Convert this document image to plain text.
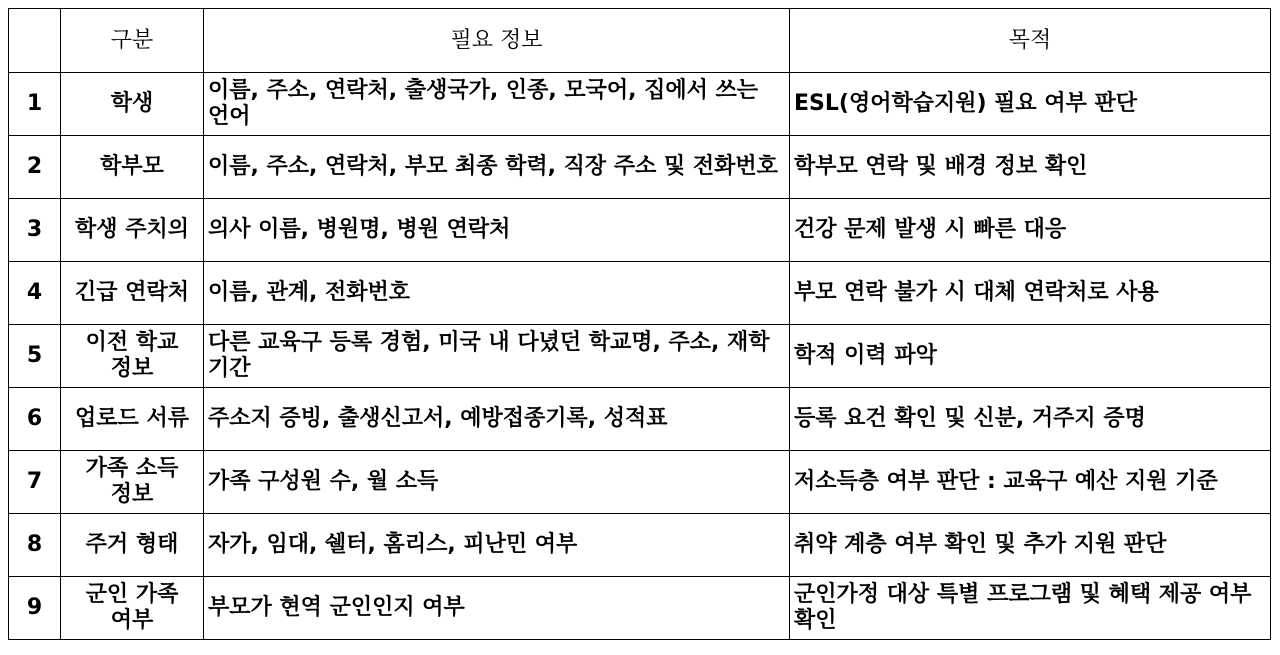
	구분	필요 정보	목적
1	학생	이름, 주소, 연락처, 출생국가, 인종, 모국어, 집에서 쓰는 언어	ESL(영어학습지원) 필요 여부 판단
2	학부모	이름, 주소, 연락처, 부모 최종 학력, 직장 주소 및 전화번호	학부모 연락 및 배경 정보 확인
3	학생 주치의	의사 이름, 병원명, 병원 연락처	건강 문제 발생 시 빠른 대응
4	긴급 연락처	이름, 관계, 전화번호	부모 연락 불가 시 대체 연락처로 사용
5	이전 학교 정보	다른 교육구 등록 경험, 미국 내 다녔던 학교명, 주소, 재학 기간	학적 이력 파악
6	업로드 서류	주소지 증빙, 출생신고서, 예방접종기록, 성적표	등록 요건 확인 및 신분, 거주지 증명
7	가족 소득 정보	가족 구성원 수, 월 소득	저소득층 여부 판단 : 교육구 예산 지원 기준
8	주거 형태	자가, 임대, 쉘터, 홈리스, 피난민 여부	취약 계층 여부 확인 및 추가 지원 판단
9	군인 가족 여부	부모가 현역 군인인지 여부	군인가정 대상 특별 프로그램 및 혜택 제공 여부 확인
